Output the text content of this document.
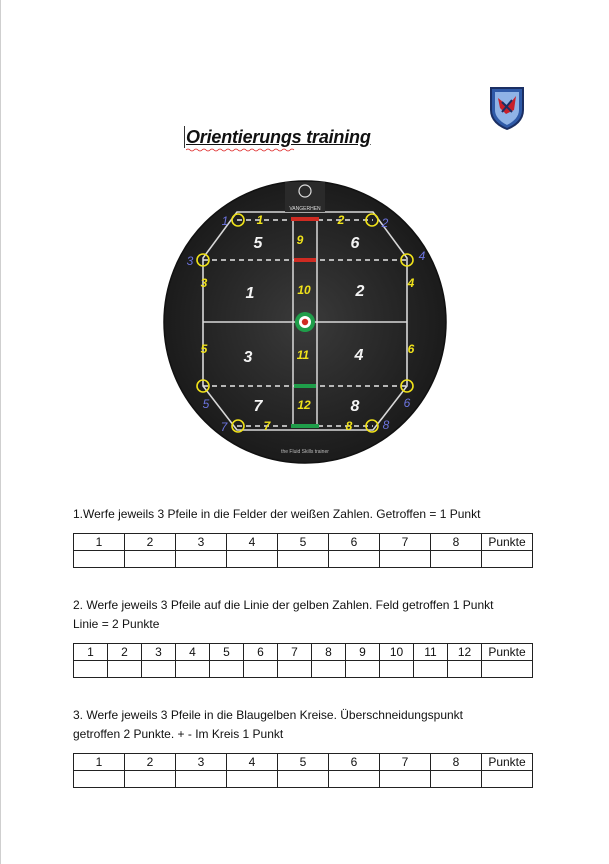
Orientierungs training
VANGERHEN
5	6
1	2
3	4
7	8
1	2
3	4
5	6
7	8
9
10
11
12
1	2
3	4
5	6
7	8
the Fluid Skills trainer
1.Werfe jeweils 3 Pfeile in die Felder der weißen Zahlen. Getroffen = 1 Punkt
1	2	3	4	5	6	7	8	Punkte

2. Werfe jeweils 3 Pfeile auf die Linie der gelben Zahlen. Feld getroffen 1 Punkt
Linie = 2 Punkte
1	2	3	4	5	6	7	8	9	10	11	12	Punkte

3. Werfe jeweils 3 Pfeile in die Blaugelben Kreise. Überschneidungspunkt
getroffen 2 Punkte. + - Im Kreis 1 Punkt
1	2	3	4	5	6	7	8	Punkte
